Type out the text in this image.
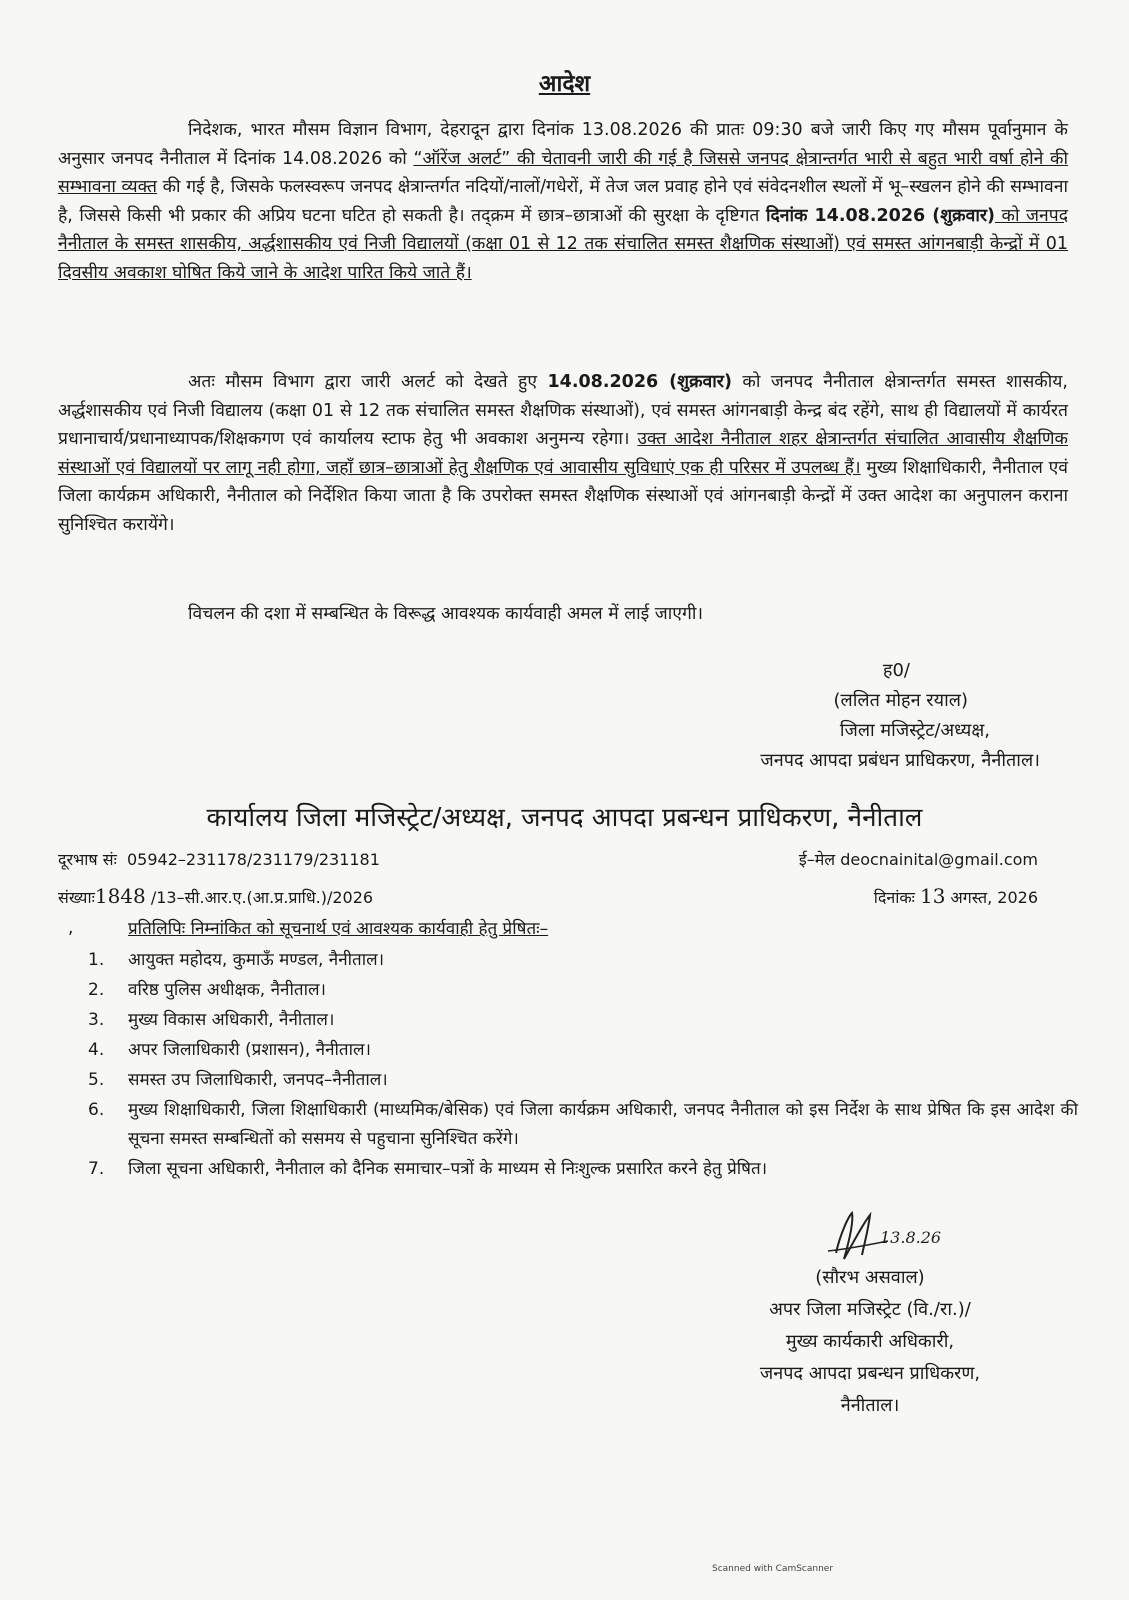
आदेश
निदेशक, भारत मौसम विज्ञान विभाग, देहरादून द्वारा दिनांक 13.08.2026 की प्रातः 09:30 बजे जारी किए गए मौसम पूर्वानुमान के अनुसार जनपद नैनीताल में दिनांक 14.08.2026 को “ऑरेंज अलर्ट” की चेतावनी जारी की गई है जिससे जनपद क्षेत्रान्तर्गत भारी से बहुत भारी वर्षा होने की सम्भावना व्यक्त की गई है, जिसके फलस्वरूप जनपद क्षेत्रान्तर्गत नदियों/नालों/गधेरों, में तेज जल प्रवाह होने एवं संवेदनशील स्थलों में भू–स्खलन होने की सम्भावना है, जिससे किसी भी प्रकार की अप्रिय घटना घटित हो सकती है। तद्क्रम में छात्र–छात्राओं की सुरक्षा के दृष्टिगत दिनांक 14.08.2026 (शुक्रवार) को जनपद नैनीताल के समस्त शासकीय, अर्द्धशासकीय एवं निजी विद्यालयों (कक्षा 01 से 12 तक संचालित समस्त शैक्षणिक संस्थाओं) एवं समस्त आंगनबाड़ी केन्द्रों में 01 दिवसीय अवकाश घोषित किये जाने के आदेश पारित किये जाते हैं।
अतः मौसम विभाग द्वारा जारी अलर्ट को देखते हुए 14.08.2026 (शुक्रवार) को जनपद नैनीताल क्षेत्रान्तर्गत समस्त शासकीय, अर्द्धशासकीय एवं निजी विद्यालय (कक्षा 01 से 12 तक संचालित समस्त शैक्षणिक संस्थाओं), एवं समस्त आंगनबाड़ी केन्द्र बंद रहेंगे, साथ ही विद्यालयों में कार्यरत प्रधानाचार्य/प्रधानाध्यापक/शिक्षकगण एवं कार्यालय स्टाफ हेतु भी अवकाश अनुमन्य रहेगा। उक्त आदेश नैनीताल शहर क्षेत्रान्तर्गत संचालित आवासीय शैक्षणिक संस्थाओं एवं विद्यालयों पर लागू नही होगा, जहाँ छात्र–छात्राओं हेतु शैक्षणिक एवं आवासीय सुविधाएं एक ही परिसर में उपलब्ध हैं। मुख्य शिक्षाधिकारी, नैनीताल एवं जिला कार्यक्रम अधिकारी, नैनीताल को निर्देशित किया जाता है कि उपरोक्त समस्त शैक्षणिक संस्थाओं एवं आंगनबाड़ी केन्द्रों में उक्त आदेश का अनुपालन कराना सुनिश्चित करायेंगे।
विचलन की दशा में सम्बन्धित के विरूद्ध आवश्यक कार्यवाही अमल में लाई जाएगी।
ह0/
(ललित मोहन रयाल)
जिला मजिस्ट्रेट/अध्यक्ष,
जनपद आपदा प्रबंधन प्राधिकरण, नैनीताल।
कार्यालय जिला मजिस्ट्रेट/अध्यक्ष, जनपद आपदा प्रबन्धन प्राधिकरण, नैनीताल
दूरभाष संः 05942–231178/231179/231181	ई–मेल deocnainital@gmail.com
संख्याः1848 /13–सी.आर.ए.(आ.प्र.प्राधि.)/2026	दिनांकः 13 अगस्त, 2026
,	प्रतिलिपिः निम्नांकित को सूचनार्थ एवं आवश्यक कार्यवाही हेतु प्रेषितः–
1.	आयुक्त महोदय, कुमाऊँ मण्डल, नैनीताल।
2.	वरिष्ठ पुलिस अधीक्षक, नैनीताल।
3.	मुख्य विकास अधिकारी, नैनीताल।
4.	अपर जिलाधिकारी (प्रशासन), नैनीताल।
5.	समस्त उप जिलाधिकारी, जनपद–नैनीताल।
6.	मुख्य शिक्षाधिकारी, जिला शिक्षाधिकारी (माध्यमिक/बेसिक) एवं जिला कार्यक्रम अधिकारी, जनपद नैनीताल को इस निर्देश के साथ प्रेषित कि इस आदेश की सूचना समस्त सम्बन्धितों को ससमय से पहुचाना सुनिश्चित करेंगे।
7.	जिला सूचना अधिकारी, नैनीताल को दैनिक समाचार–पत्रों के माध्यम से निःशुल्क प्रसारित करने हेतु प्रेषित।
13.8.26
(सौरभ असवाल)
अपर जिला मजिस्ट्रेट (वि./रा.)/
मुख्य कार्यकारी अधिकारी,
जनपद आपदा प्रबन्धन प्राधिकरण,
नैनीताल।
Scanned with CamScanner
